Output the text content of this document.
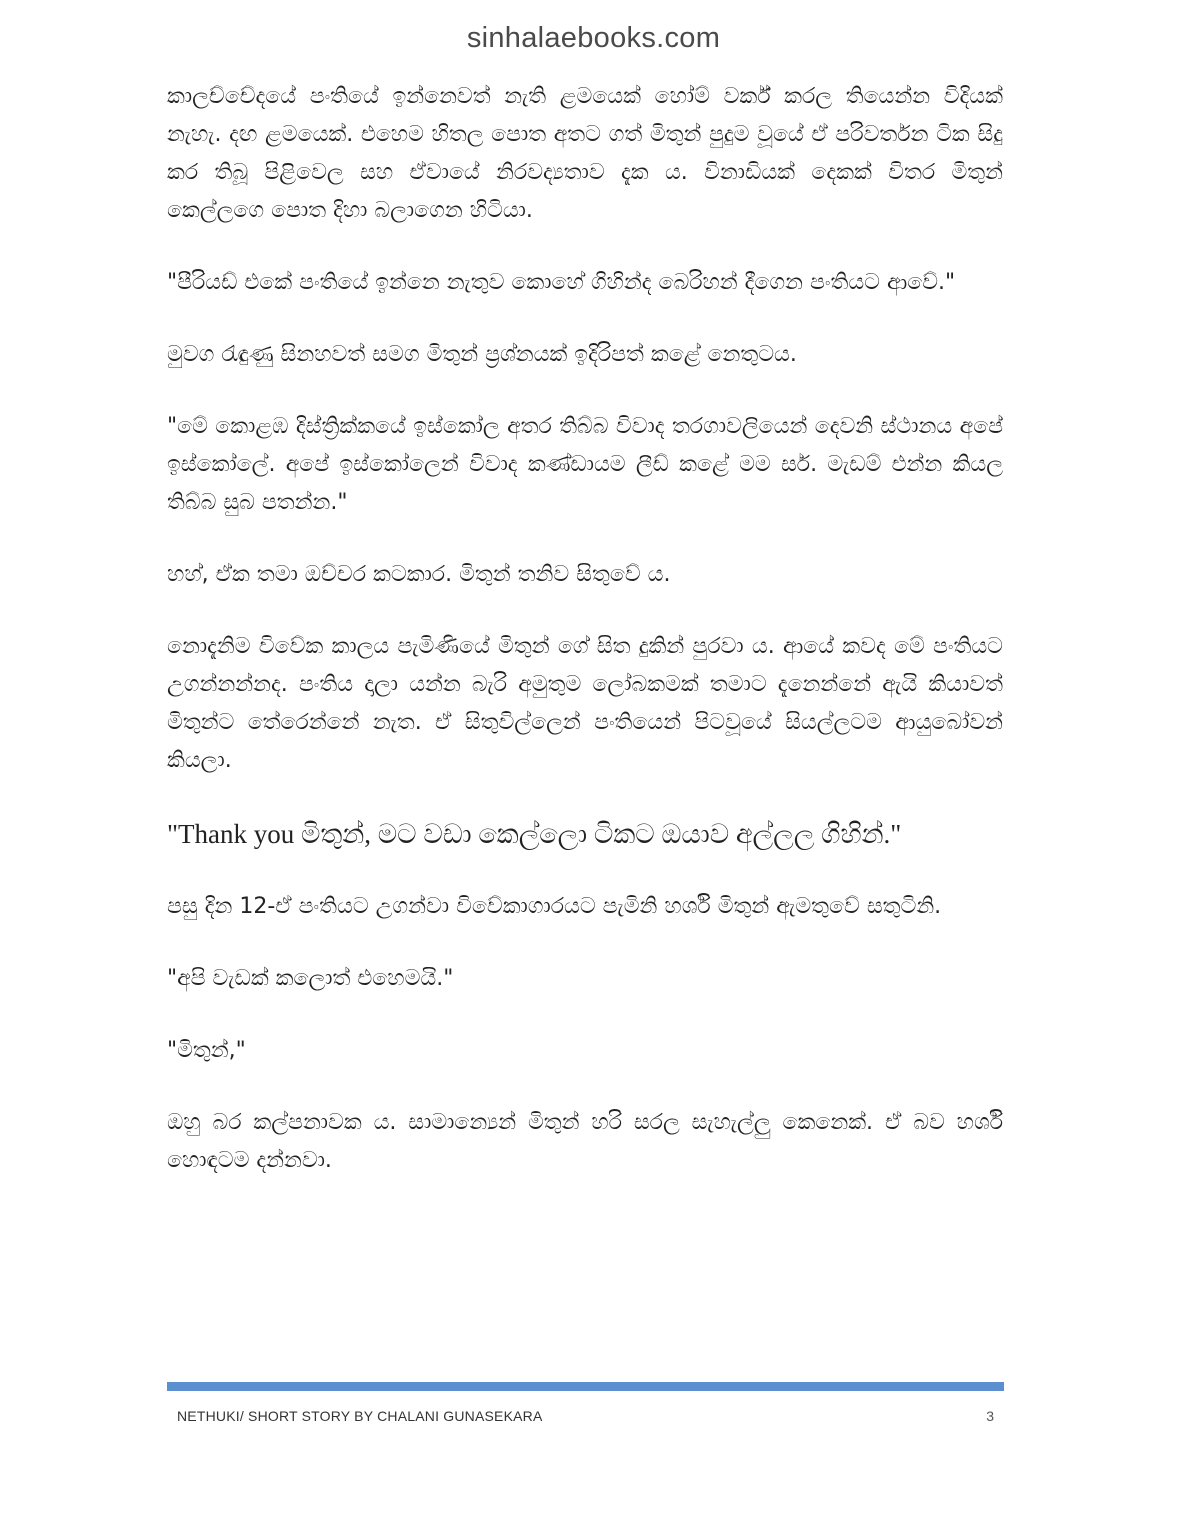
sinhalaebooks.com

කාලච්චේදයේ පංතියේ ඉන්නෙවත් නැති ළමයෙක් හෝම් වර්ක් කරල තියෙන්න විදියක් නැහැ. දඟ ළමයෙක්. එහෙම හිතල පොත අතට ගත් මිතුන් පුදුම වූයේ ඒ පරිවර්තන ටික සිදු කර තිබූ පිළිවෙල සහ ඒවායේ නිරවද්‍යතාව දැක ය. විනාඩියක් දෙකක් විතර මිතුන් කෙල්ලගෙ පොත දිහා බලාගෙන හිටියා.

"පීරියඩ් එකේ පංතියේ ඉන්නෙ නැතුව කොහේ ගිහින්ද බෙරිහන් දීගෙන පංතියට ආවේ."

මුවග රැඳුණු සිනහවත් සමග මිතුන් ප්‍රශ්නයක් ඉදිරිපත් කළේ නෙතුටය.

"මේ කොළඹ දිස්ත්‍රික්කයේ ඉස්කෝල අතර තිබ්බ විවාද තරගාවලියෙන් දෙවනි ස්ථානය අපේ ඉස්කෝලේ. අපේ ඉස්කෝලෙන් විවාද කණ්ඩායම ලීඩ් කළේ මම සර්. මැඩම් එන්න කියල තිබ්බ සුබ පතන්න."

හහ්, ඒක තමා ඔච්චර කටකාර. මිතුන් තනිව සිතුවේ ය.

නොදැනිම විවේක කාලය පැමිණියේ මිතුන් ගේ සිත දුකින් පුරවා ය. ආයේ කවද මේ පංතියට උගන්නන්නද. පංතිය දාලා යන්න බැරි අමුතුම ලෝබකමක් තමාට දැනෙන්නේ ඇයි කියාවත් මිතුන්ට තේරෙන්නේ නැත. ඒ සිතුවිල්ලෙන් පංතියෙන් පිටවූයේ සියල්ලටම ආයුබෝවන් කියලා.

"Thank you මිතුන්, මට වඩා කෙල්ලො ටිකට ඔයාව අල්ලල ගිහින්."

පසු දින 12-ඒ පංතියට උගන්වා විවේකාගාරයට පැමිනි හර්ශි මිතුන් ඇමතුවේ සතුටිනි.

"අපි වැඩක් කලොත් එහෙමයි."

"මිතුන්,"

ඔහු බර කල්පනාවක ය. සාමාන්‍යෙන් මිතුන් හරි සරල සැහැල්ලු කෙනෙක්. ඒ බව හර්ශි හොඳටම දන්නවා.

NETHUKI/ SHORT STORY BY CHALANI GUNASEKARA	3
